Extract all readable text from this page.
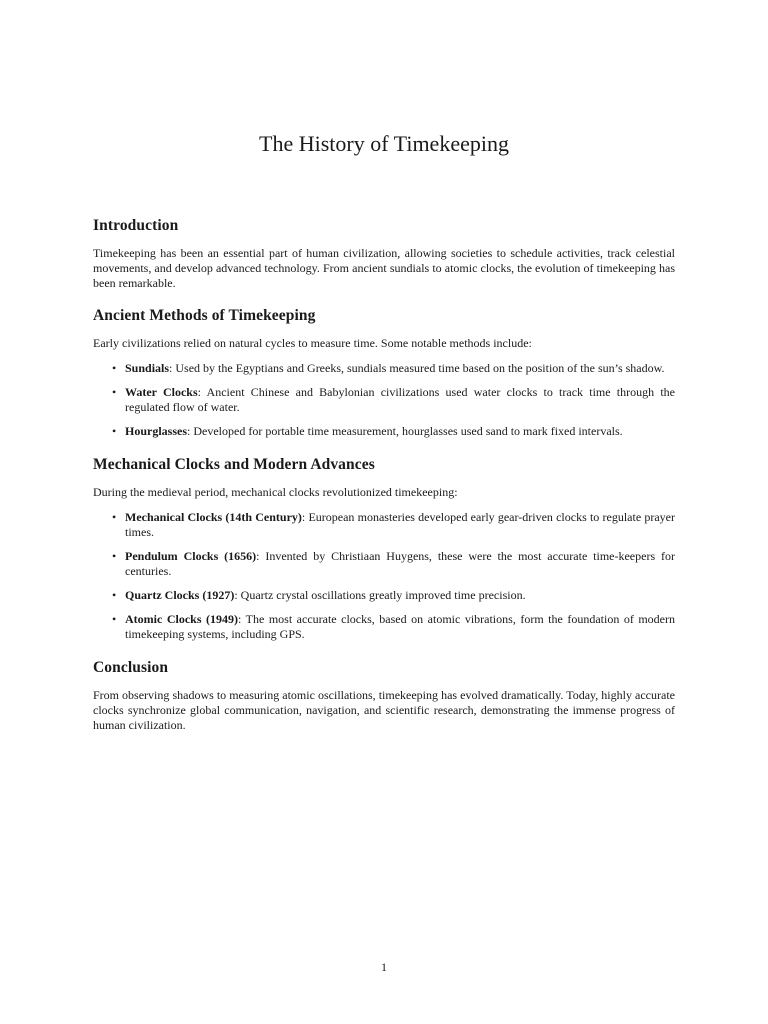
The History of Timekeeping
Introduction

Timekeeping has been an essential part of human civilization, allowing societies to schedule activities, track celestial movements, and develop advanced technology. From ancient sundials to atomic clocks, the evolution of timekeeping has been remarkable.

Ancient Methods of Timekeeping

Early civilizations relied on natural cycles to measure time. Some notable methods include:

• Sundials: Used by the Egyptians and Greeks, sundials measured time based on the position of the sun’s shadow.
• Water Clocks: Ancient Chinese and Babylonian civilizations used water clocks to track time through the regulated flow of water.
• Hourglasses: Developed for portable time measurement, hourglasses used sand to mark fixed intervals.
Mechanical Clocks and Modern Advances

During the medieval period, mechanical clocks revolutionized timekeeping:

• Mechanical Clocks (14th Century): European monasteries developed early gear-driven clocks to regulate prayer times.
• Pendulum Clocks (1656): Invented by Christiaan Huygens, these were the most accurate time-keepers for centuries.
• Quartz Clocks (1927): Quartz crystal oscillations greatly improved time precision.
• Atomic Clocks (1949): The most accurate clocks, based on atomic vibrations, form the foundation of modern timekeeping systems, including GPS.
Conclusion

From observing shadows to measuring atomic oscillations, timekeeping has evolved dramatically. Today, highly accurate clocks synchronize global communication, navigation, and scientific research, demonstrating the immense progress of human civilization.

1
